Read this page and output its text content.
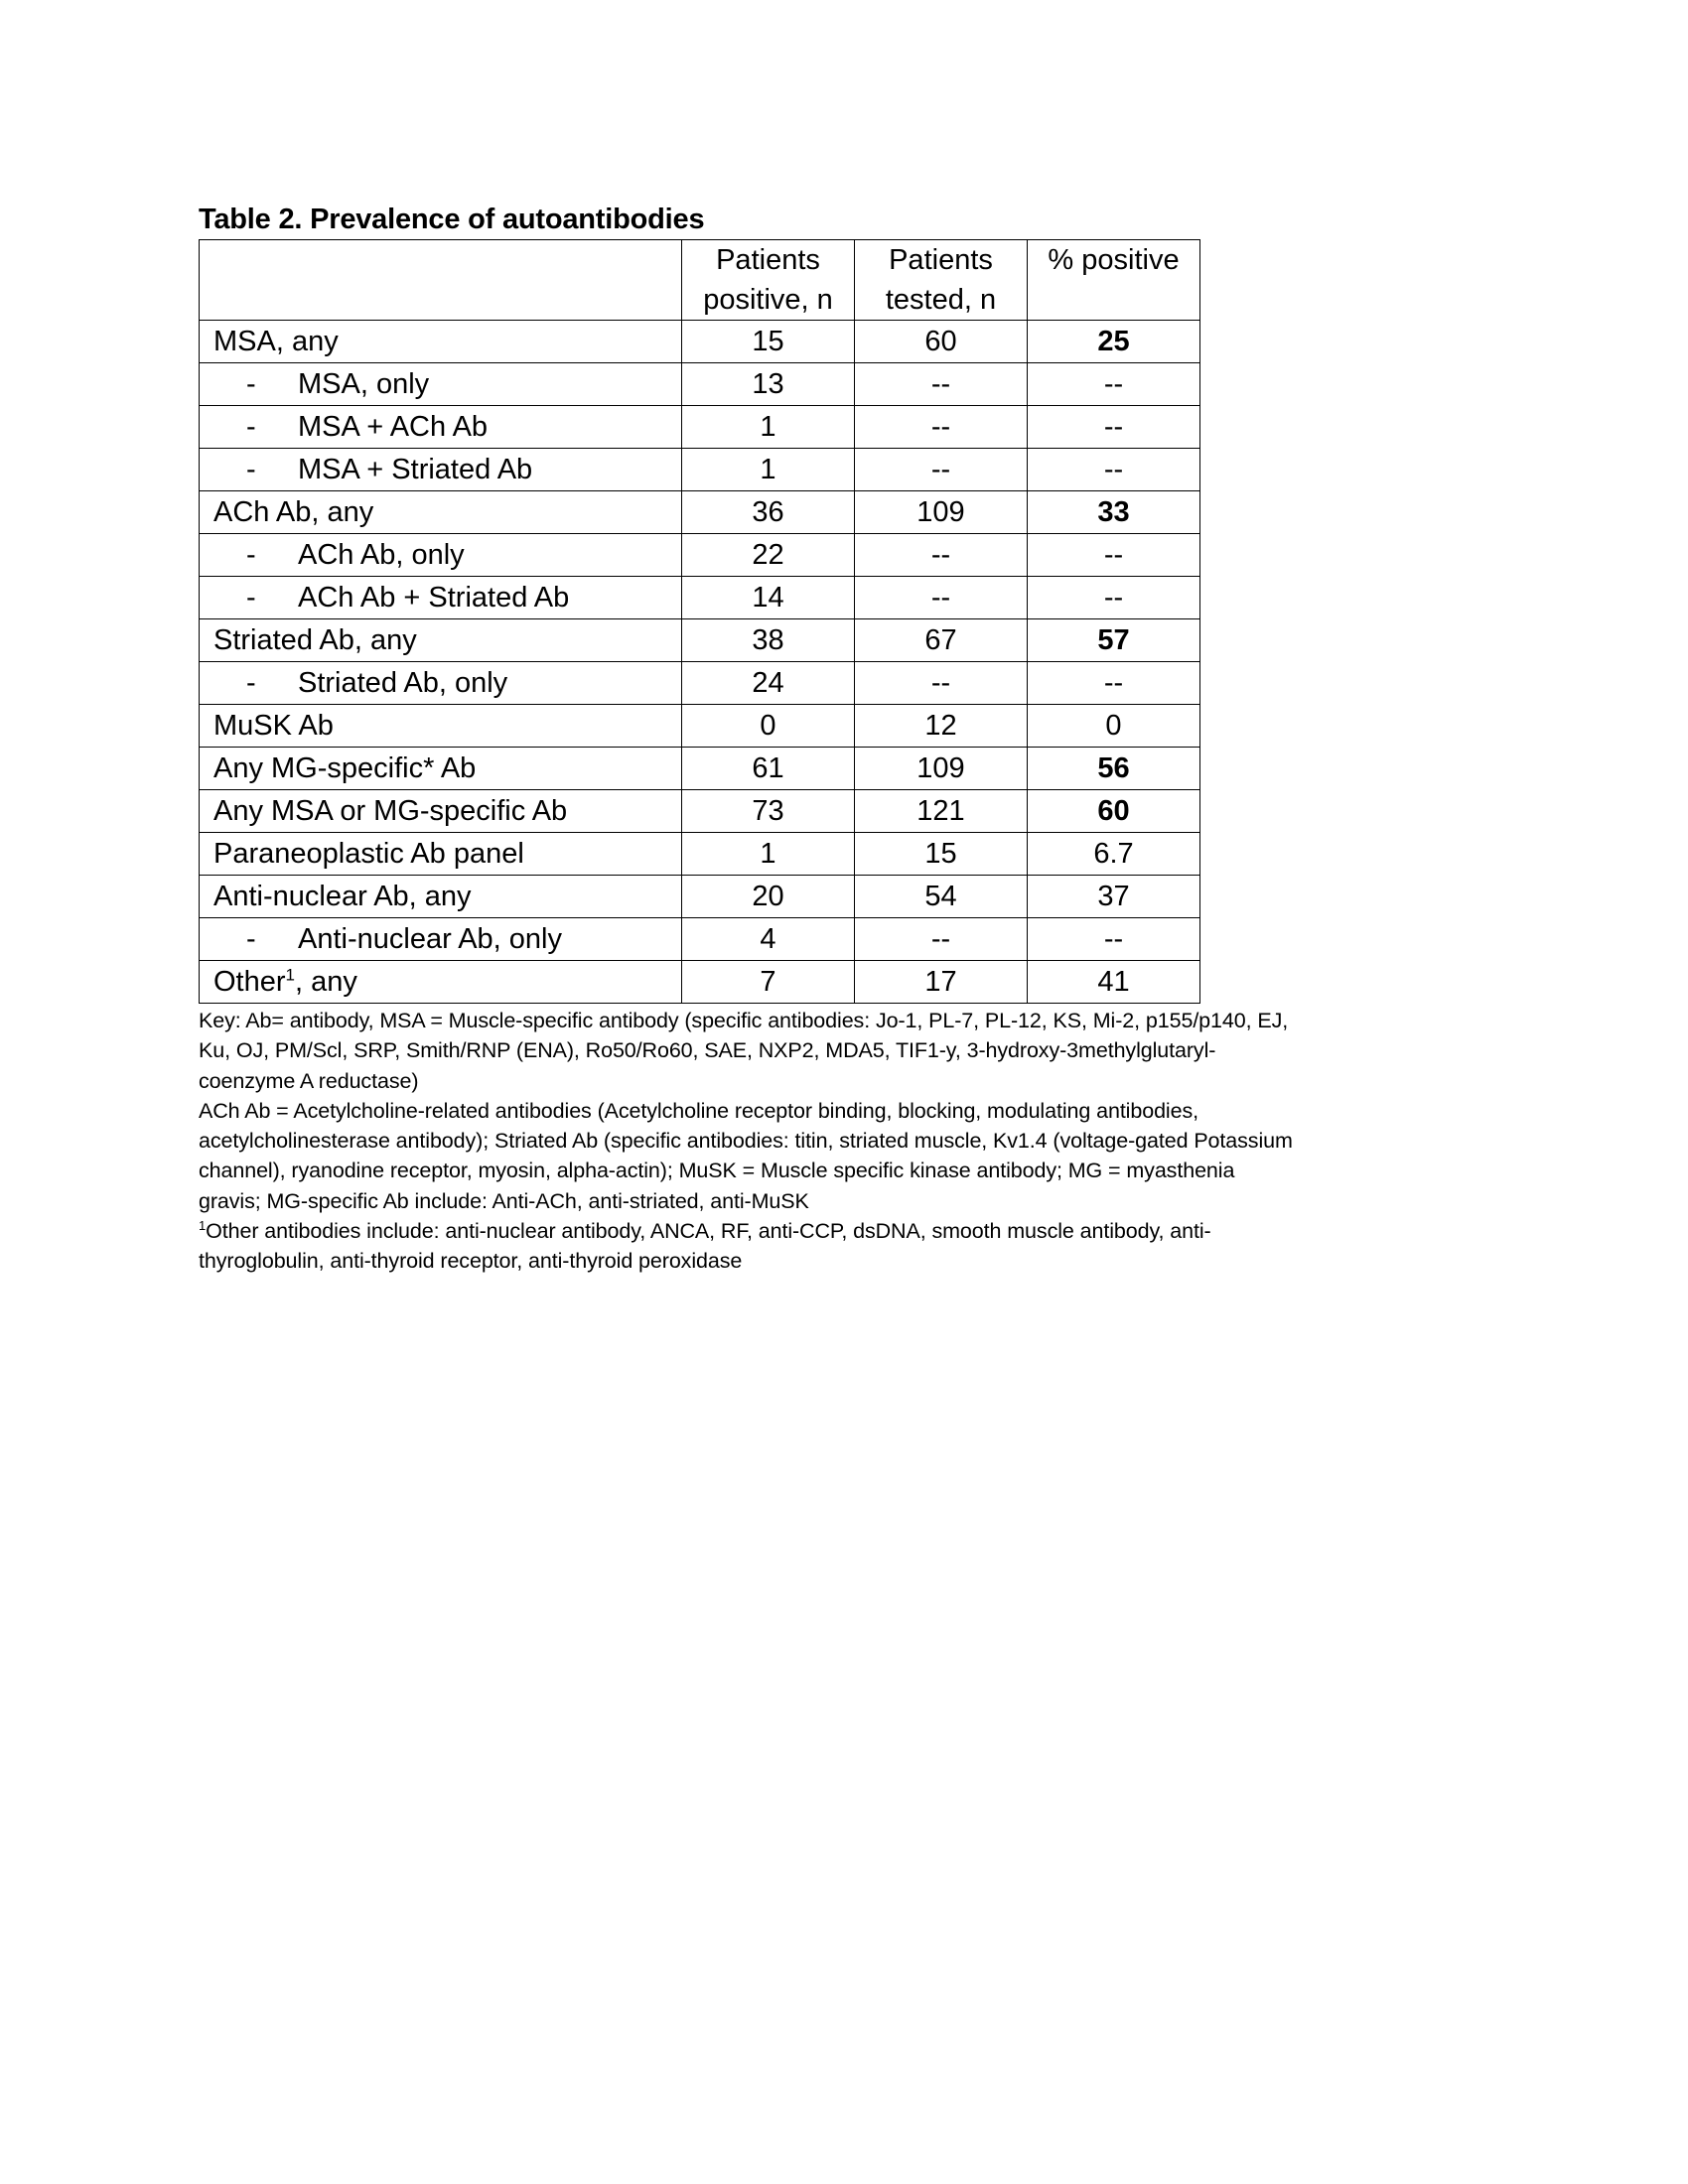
Table 2. Prevalence of autoantibodies

	Patients positive, n	Patients tested, n	% positive
MSA, any	15	60	25
- MSA, only	13	--	--
- MSA + ACh Ab	1	--	--
- MSA + Striated Ab	1	--	--
ACh Ab, any	36	109	33
- ACh Ab, only	22	--	--
- ACh Ab + Striated Ab	14	--	--
Striated Ab, any	38	67	57
- Striated Ab, only	24	--	--
MuSK Ab	0	12	0
Any MG-specific* Ab	61	109	56
Any MSA or MG-specific Ab	73	121	60
Paraneoplastic Ab panel	1	15	6.7
Anti-nuclear Ab, any	20	54	37
- Anti-nuclear Ab, only	4	--	--
Other$^1$, any	7	17	41

Key: Ab= antibody, MSA = Muscle-specific antibody (specific antibodies: Jo-1, PL-7, PL-12, KS, Mi-2, p155/p140, EJ, Ku, OJ, PM/Scl, SRP, Smith/RNP (ENA), Ro50/Ro60, SAE, NXP2, MDA5, TIF1-y, 3-hydroxy-3methylglutaryl-coenzyme A reductase)

ACh Ab = Acetylcholine-related antibodies (Acetylcholine receptor binding, blocking, modulating antibodies, acetylcholinesterase antibody); Striated Ab (specific antibodies: titin, striated muscle, Kv1.4 (voltage-gated Potassium channel), ryanodine receptor, myosin, alpha-actin); MuSK = Muscle specific kinase antibody; MG = myasthenia gravis; MG-specific Ab include: Anti-ACh, anti-striated, anti-MuSK

$^1$Other antibodies include: anti-nuclear antibody, ANCA, RF, anti-CCP, dsDNA, smooth muscle antibody, anti-thyroglobulin, anti-thyroid receptor, anti-thyroid peroxidase
